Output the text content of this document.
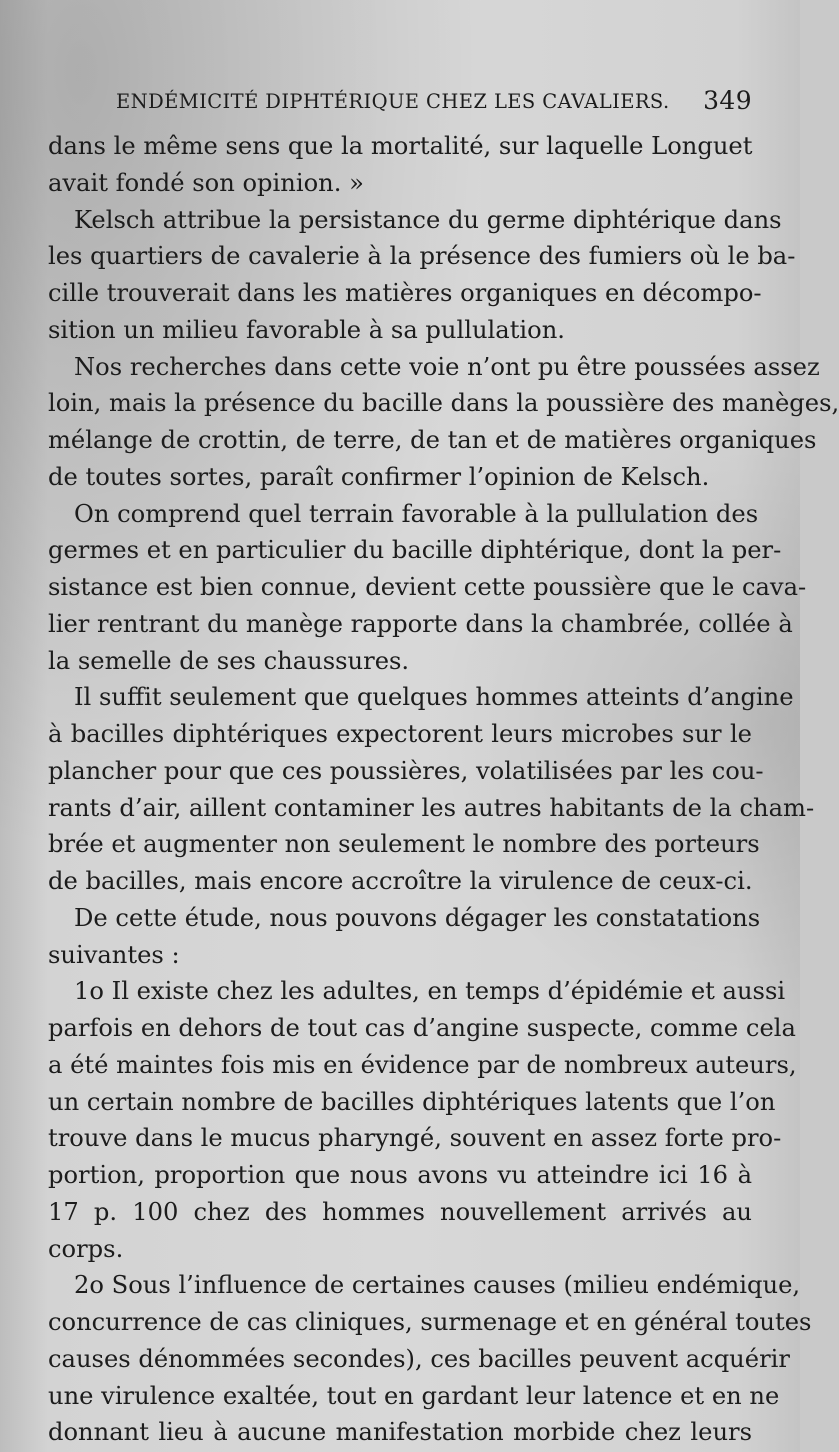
ENDÉMICITÉ DIPHTÉRIQUE CHEZ LES CAVALIERS. 349
dans le même sens que la mortalité, sur laquelle Longuet
avait fondé son opinion. »
Kelsch attribue la persistance du germe diphtérique dans
les quartiers de cavalerie à la présence des fumiers où le ba-
cille trouverait dans les matières organiques en décompo-
sition un milieu favorable à sa pullulation.
Nos recherches dans cette voie n’ont pu être poussées assez
loin, mais la présence du bacille dans la poussière des manèges,
mélange de crottin, de terre, de tan et de matières organiques
de toutes sortes, paraît confirmer l’opinion de Kelsch.
On comprend quel terrain favorable à la pullulation des
germes et en particulier du bacille diphtérique, dont la per-
sistance est bien connue, devient cette poussière que le cava-
lier rentrant du manège rapporte dans la chambrée, collée à
la semelle de ses chaussures.
Il suffit seulement que quelques hommes atteints d’angine
à bacilles diphtériques expectorent leurs microbes sur le
plancher pour que ces poussières, volatilisées par les cou-
rants d’air, aillent contaminer les autres habitants de la cham-
brée et augmenter non seulement le nombre des porteurs
de bacilles, mais encore accroître la virulence de ceux-ci.
De cette étude, nous pouvons dégager les constatations
suivantes :
1o Il existe chez les adultes, en temps d’épidémie et aussi
parfois en dehors de tout cas d’angine suspecte, comme cela
a été maintes fois mis en évidence par de nombreux auteurs,
un certain nombre de bacilles diphtériques latents que l’on
trouve dans le mucus pharyngé, souvent en assez forte pro-
portion, proportion que nous avons vu atteindre ici 16 à
17 p. 100 chez des hommes nouvellement arrivés au
corps.
2o Sous l’influence de certaines causes (milieu endémique,
concurrence de cas cliniques, surmenage et en général toutes
causes dénommées secondes), ces bacilles peuvent acquérir
une virulence exaltée, tout en gardant leur latence et en ne
donnant lieu à aucune manifestation morbide chez leurs
